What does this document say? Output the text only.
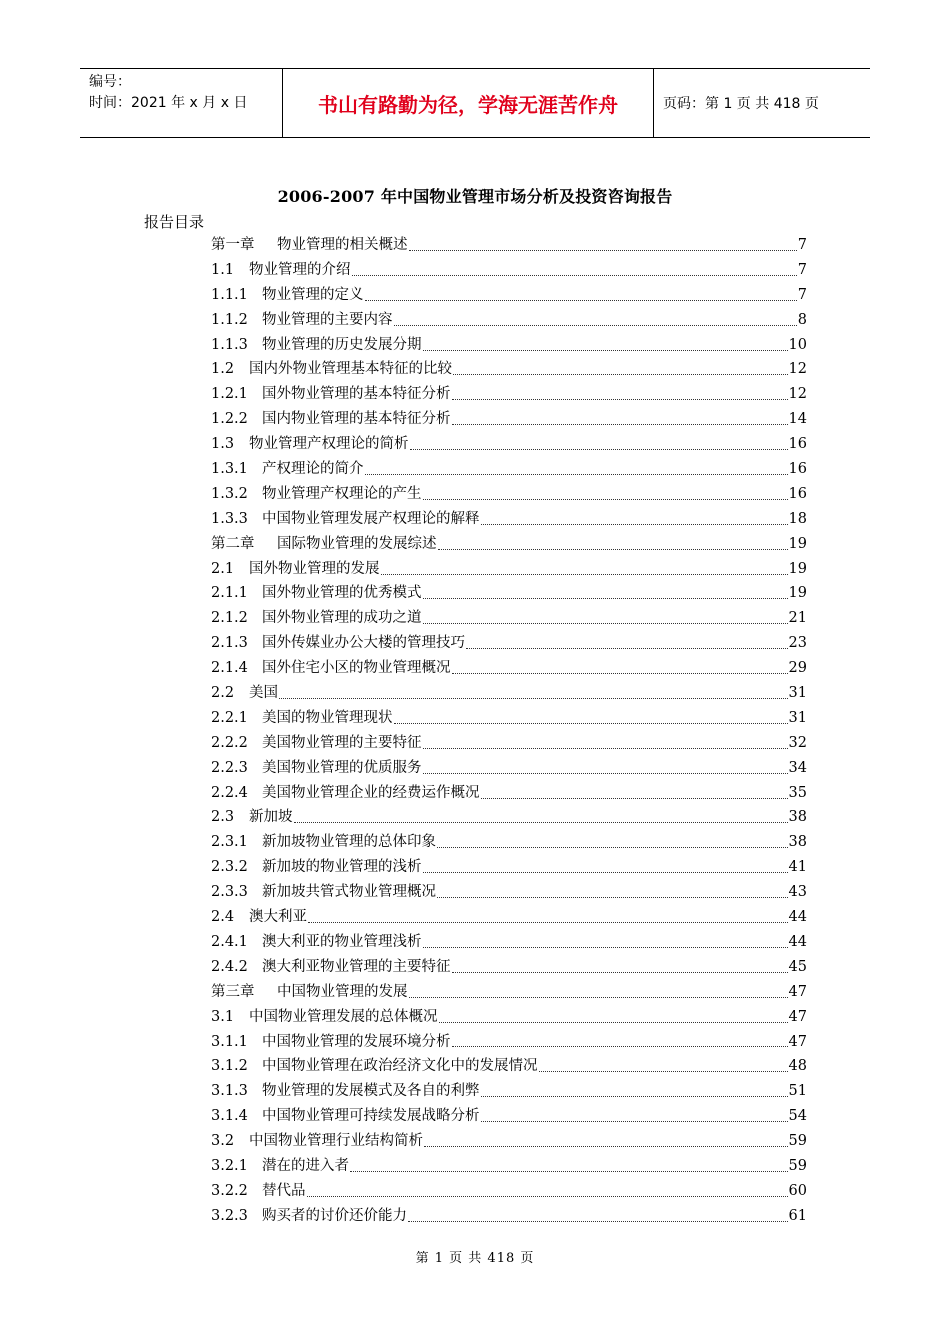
编号：
时间：2021 年 x 月 x 日	书山有路勤为径，学海无涯苦作舟	页码：第 1 页 共 418 页
2006-2007 年中国物业管理市场分析及投资咨询报告
报告目录
第一章	物业管理的相关概述	7
1.1	物业管理的介绍	7
1.1.1 物业管理的定义	7
1.1.2 物业管理的主要内容	8
1.1.3 物业管理的历史发展分期	10
1.2	国内外物业管理基本特征的比较	12
1.2.1 国外物业管理的基本特征分析	12
1.2.2 国内物业管理的基本特征分析	14
1.3	物业管理产权理论的简析	16
1.3.1 产权理论的简介	16
1.3.2 物业管理产权理论的产生	16
1.3.3 中国物业管理发展产权理论的解释	18
第二章	国际物业管理的发展综述	19
2.1	国外物业管理的发展	19
2.1.1 国外物业管理的优秀模式	19
2.1.2 国外物业管理的成功之道	21
2.1.3 国外传媒业办公大楼的管理技巧	23
2.1.4 国外住宅小区的物业管理概况	29
2.2	美国	31
2.2.1 美国的物业管理现状	31
2.2.2 美国物业管理的主要特征	32
2.2.3 美国物业管理的优质服务	34
2.2.4 美国物业管理企业的经费运作概况	35
2.3	新加坡	38
2.3.1 新加坡物业管理的总体印象	38
2.3.2 新加坡的物业管理的浅析	41
2.3.3 新加坡共管式物业管理概况	43
2.4	澳大利亚	44
2.4.1 澳大利亚的物业管理浅析	44
2.4.2 澳大利亚物业管理的主要特征	45
第三章	中国物业管理的发展	47
3.1	中国物业管理发展的总体概况	47
3.1.1 中国物业管理的发展环境分析	47
3.1.2 中国物业管理在政治经济文化中的发展情况	48
3.1.3 物业管理的发展模式及各自的利弊	51
3.1.4 中国物业管理可持续发展战略分析	54
3.2	中国物业管理行业结构简析	59
3.2.1 潜在的进入者	59
3.2.2 替代品	60
3.2.3 购买者的讨价还价能力	61
第 1 页 共 418 页
